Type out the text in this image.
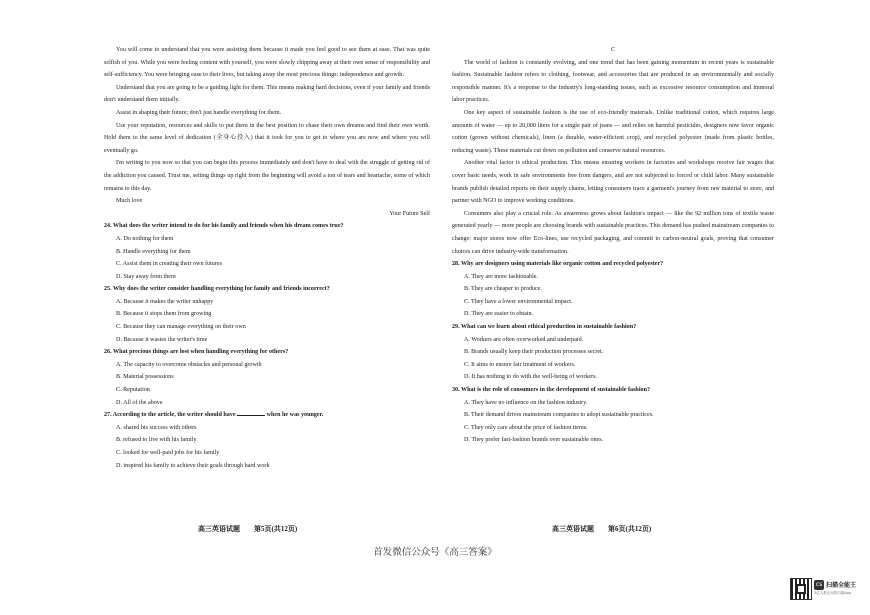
You will come to understand that you were assisting them because it made you feel good to see them at ease. That was quite selfish of you. While you were feeling content with yourself, you were slowly chipping away at their own sense of responsibility and self-sufficiency. You were bringing ease to their lives, but taking away the most precious things: independence and growth.

Understand that you are going to be a guiding light for them. This means making hard decisions, even if your family and friends don't understand them initially.

Assist in shaping their future; don't just handle everything for them.

Use your reputation, resources and skills to put them in the best position to chase their own dreams and find their own worth. Hold them to the same level of dedication (全身心投入) that it took for you to get to where you are now and where you will eventually go.

I'm writing to you now so that you can begin this process immediately and don't have to deal with the struggle of getting rid of the addiction you caused. Trust me, setting things up right from the beginning will avoid a ton of tears and heartache, some of which remains to this day.

Much love

Your Future Self

24. What does the writer intend to do for his family and friends when his dream comes true?

A. Do nothing for them

B. Handle everything for them

C. Assist them in creating their own futures

D. Stay away from them

25. Why does the writer consider handling everything for family and friends incorrect?

A. Because it makes the writer unhappy

B. Because it stops them from growing

C. Because they can manage everything on their own

D. Because it wastes the writer's time

26. What precious things are lost when handling everything for others?

A. The capacity to overcome obstacles and personal growth

B. Material possessions

C. Reputation

D. All of the above

27. According to the article, the writer should have	when he was younger.

A. shared his success with others

B. refused to live with his family

C. looked for well-paid jobs for his family

D. inspired his family to achieve their goals through hard work

C

The world of fashion is constantly evolving, and one trend that has been gaining momentum in recent years is sustainable fashion. Sustainable fashion refers to clothing, footwear, and accessories that are produced in an environmentally and socially responsible manner. It's a response to the industry's long-standing issues, such as excessive resource consumption and immoral labor practices.

One key aspect of sustainable fashion is the use of eco-friendly materials. Unlike traditional cotton, which requires large amounts of water — up to 20,000 liters for a single pair of jeans — and relies on harmful pesticides, designers now favor organic cotton (grown without chemicals), linen (a durable, water-efficient crop), and recycled polyester (made from plastic bottles, reducing waste). These materials cut down on pollution and conserve natural resources.

Another vital factor is ethical production. This means ensuring workers in factories and workshops receive fair wages that cover basic needs, work in safe environments free from dangers, and are not subjected to forced or child labor. Many sustainable brands publish detailed reports on their supply chains, letting consumers trace a garment's journey from raw material to store, and partner with NGO to improve working conditions.

Consumers also play a crucial role. As awareness grows about fashion's impact — like the 92 million tons of textile waste generated yearly — more people are choosing brands with sustainable practices. This demand has pushed mainstream companies to change: major stores now offer Eco-lines, use recycled packaging, and commit to carbon-neutral goals, proving that consumer choices can drive industry-wide transformation.

28. Why are designers using materials like organic cotton and recycled polyester?

A. They are more fashionable.

B. They are cheaper to produce.

C. They have a lower environmental impact.

D. They are easier to obtain.

29. What can we learn about ethical production in sustainable fashion?

A. Workers are often overworked and underpaid.

B. Brands usually keep their production processes secret.

C. It aims to ensure fair treatment of workers.

D. It has nothing to do with the well-being of workers.

30. What is the role of consumers in the development of sustainable fashion?

A. They have no influence on the fashion industry.

B. Their demand drives mainstream companies to adopt sustainable practices.

C. They only care about the price of fashion items.

D. They prefer fast-fashion brands over sustainable ones.

高三英语试题 第5页(共12页)	高三英语试题 第6页(共12页)
首发微信公众号《高三答案》
cs 扫描全能王
3亿人都在用的扫描App
